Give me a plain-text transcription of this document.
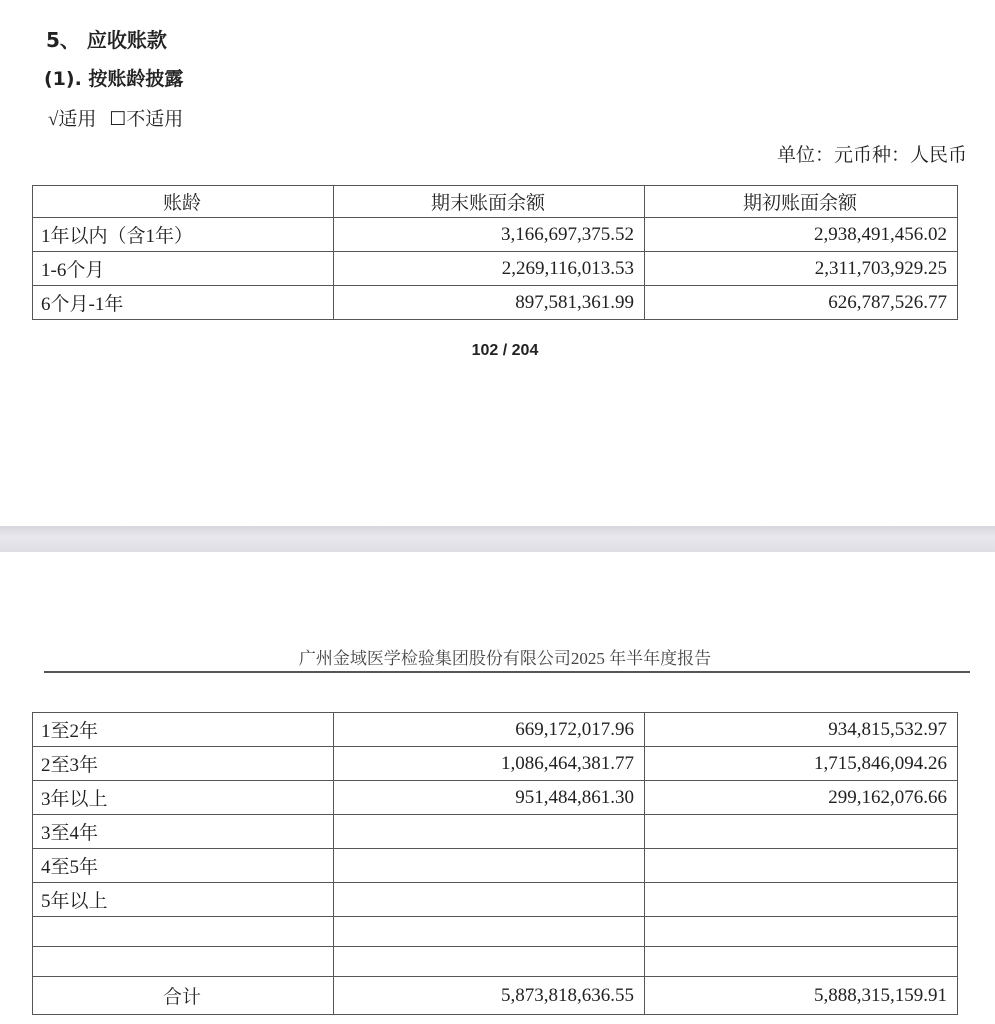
5、 应收账款
(1). 按账龄披露
√适用 ☐不适用
单位：元币种：人民币
账龄	期末账面余额	期初账面余额
1年以内（含1年）	3,166,697,375.52	2,938,491,456.02
1-6个月	2,269,116,013.53	2,311,703,929.25
6个月-1年	897,581,361.99	626,787,526.77
102 / 204
广州金域医学检验集团股份有限公司2025 年半年度报告
1至2年	669,172,017.96	934,815,532.97
2至3年	1,086,464,381.77	1,715,846,094.26
3年以上	951,484,861.30	299,162,076.66
3至4年		
4至5年		
5年以上		

合计	5,873,818,636.55	5,888,315,159.91
